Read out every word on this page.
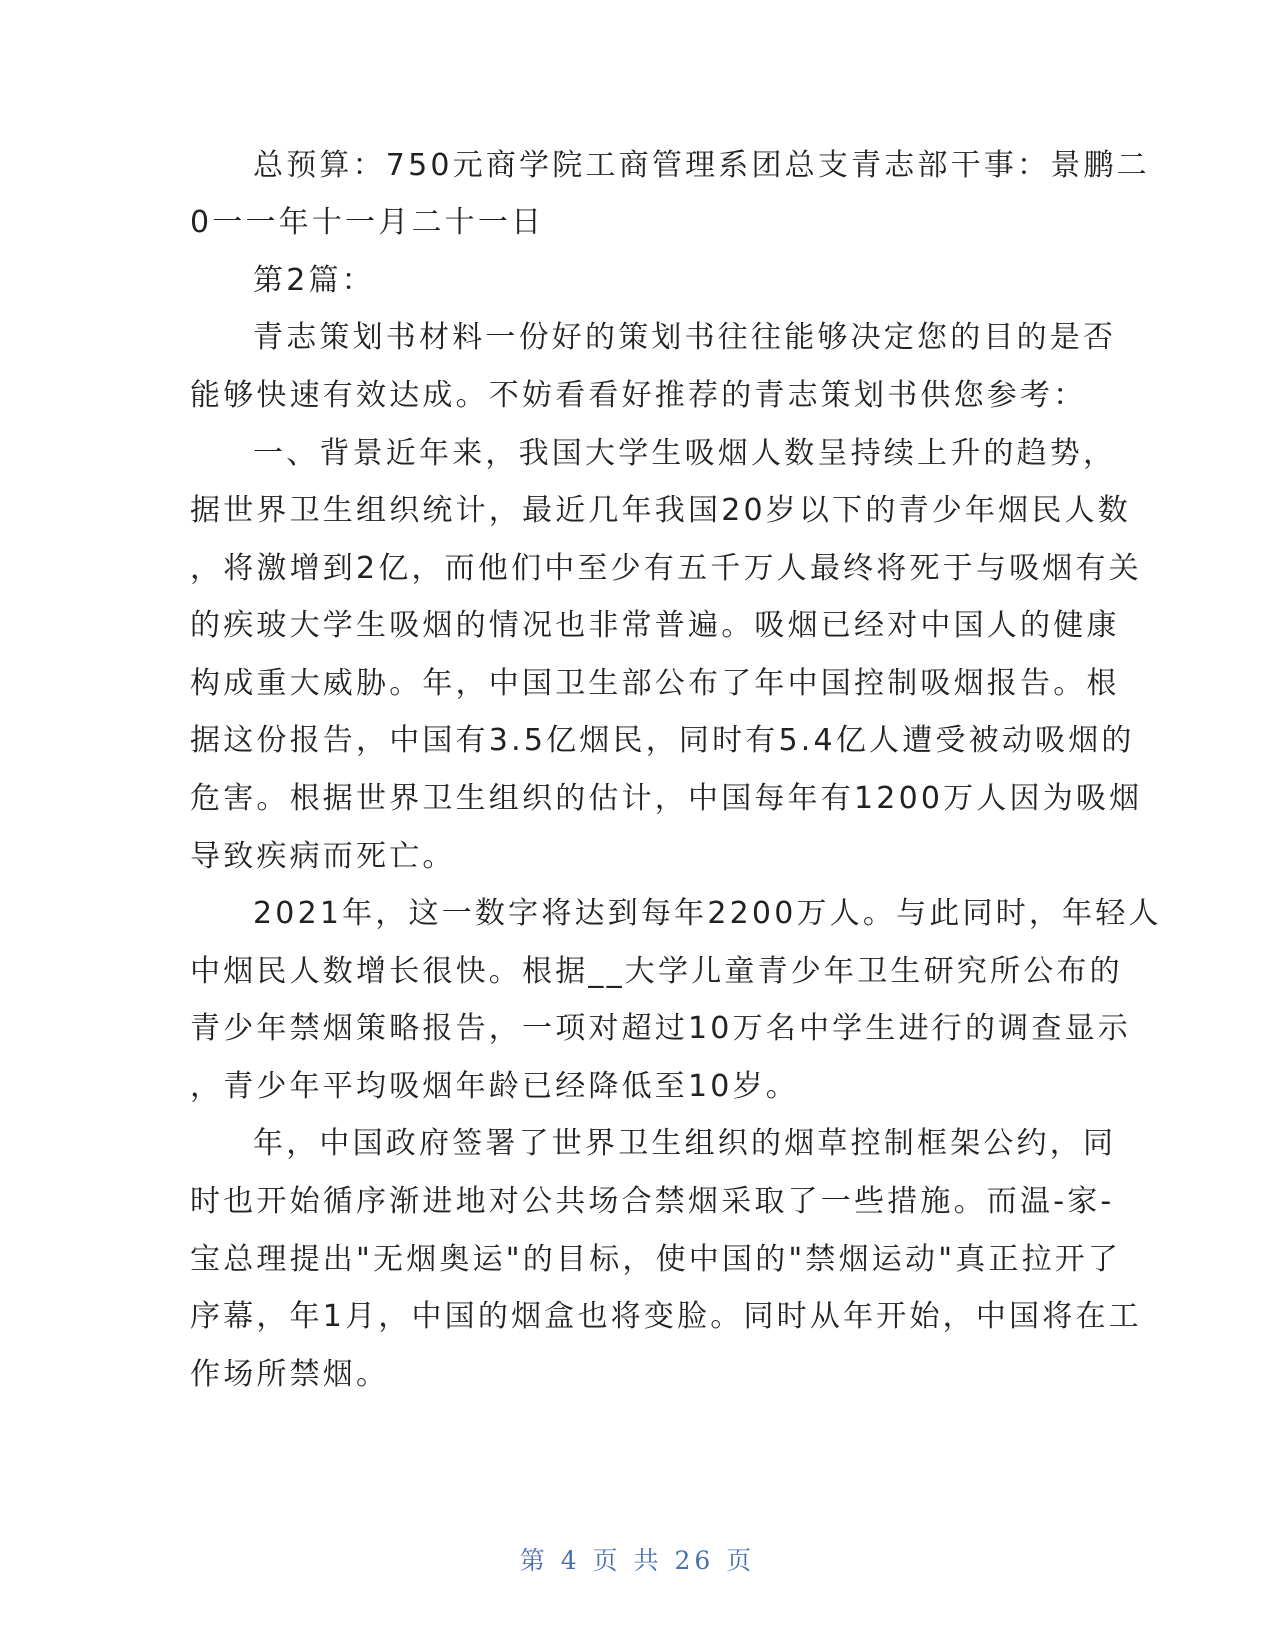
总预算：750元商学院工商管理系团总支青志部干事：景鹏二
0一一年十一月二十一日
第2篇：
青志策划书材料一份好的策划书往往能够决定您的目的是否
能够快速有效达成。不妨看看好推荐的青志策划书供您参考：
一、背景近年来，我国大学生吸烟人数呈持续上升的趋势，
据世界卫生组织统计，最近几年我国20岁以下的青少年烟民人数
，将激增到2亿，而他们中至少有五千万人最终将死于与吸烟有关
的疾玻大学生吸烟的情况也非常普遍。吸烟已经对中国人的健康
构成重大威胁。年，中国卫生部公布了年中国控制吸烟报告。根
据这份报告，中国有3.5亿烟民，同时有5.4亿人遭受被动吸烟的
危害。根据世界卫生组织的估计，中国每年有1200万人因为吸烟
导致疾病而死亡。
2021年，这一数字将达到每年2200万人。与此同时，年轻人
中烟民人数增长很快。根据__大学儿童青少年卫生研究所公布的
青少年禁烟策略报告，一项对超过10万名中学生进行的调查显示
，青少年平均吸烟年龄已经降低至10岁。
年，中国政府签署了世界卫生组织的烟草控制框架公约，同
时也开始循序渐进地对公共场合禁烟采取了一些措施。而温-家-
宝总理提出"无烟奥运"的目标，使中国的"禁烟运动"真正拉开了
序幕，年1月，中国的烟盒也将变脸。同时从年开始，中国将在工
作场所禁烟。
第 4 页 共 26 页
